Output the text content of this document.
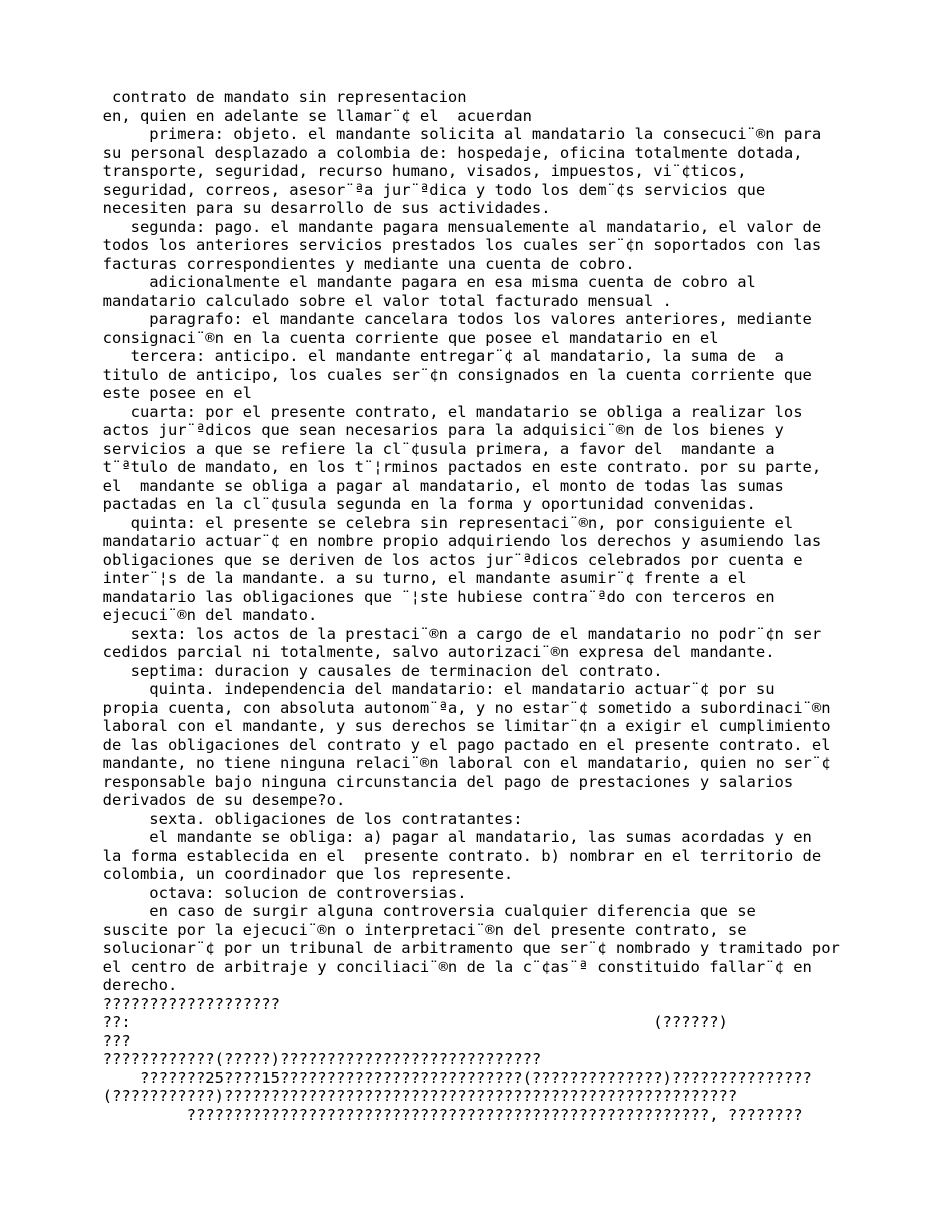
contrato de mandato sin representacion
en, quien en adelante se llamar¨¢ el  acuerdan
primera: objeto. el mandante solicita al mandatario la consecuci¨®n para
su personal desplazado a colombia de: hospedaje, oficina totalmente dotada,
transporte, seguridad, recurso humano, visados, impuestos, vi¨¢ticos,
seguridad, correos, asesor¨ªa jur¨ªdica y todo los dem¨¢s servicios que
necesiten para su desarrollo de sus actividades.
segunda: pago. el mandante pagara mensualemente al mandatario, el valor de
todos los anteriores servicios prestados los cuales ser¨¢n soportados con las
facturas correspondientes y mediante una cuenta de cobro.
adicionalmente el mandante pagara en esa misma cuenta de cobro al
mandatario calculado sobre el valor total facturado mensual .
paragrafo: el mandante cancelara todos los valores anteriores, mediante
consignaci¨®n en la cuenta corriente que posee el mandatario en el
tercera: anticipo. el mandante entregar¨¢ al mandatario, la suma de  a
titulo de anticipo, los cuales ser¨¢n consignados en la cuenta corriente que
este posee en el
cuarta: por el presente contrato, el mandatario se obliga a realizar los
actos jur¨ªdicos que sean necesarios para la adquisici¨®n de los bienes y
servicios a que se refiere la cl¨¢usula primera, a favor del  mandante a
t¨ªtulo de mandato, en los t¨¦rminos pactados en este contrato. por su parte,
el  mandante se obliga a pagar al mandatario, el monto de todas las sumas
pactadas en la cl¨¢usula segunda en la forma y oportunidad convenidas.
quinta: el presente se celebra sin representaci¨®n, por consiguiente el
mandatario actuar¨¢ en nombre propio adquiriendo los derechos y asumiendo las
obligaciones que se deriven de los actos jur¨ªdicos celebrados por cuenta e
inter¨¦s de la mandante. a su turno, el mandante asumir¨¢ frente a el
mandatario las obligaciones que ¨¦ste hubiese contra¨ªdo con terceros en
ejecuci¨®n del mandato.
sexta: los actos de la prestaci¨®n a cargo de el mandatario no podr¨¢n ser
cedidos parcial ni totalmente, salvo autorizaci¨®n expresa del mandante.
septima: duracion y causales de terminacion del contrato.
quinta. independencia del mandatario: el mandatario actuar¨¢ por su
propia cuenta, con absoluta autonom¨ªa, y no estar¨¢ sometido a subordinaci¨®n
laboral con el mandante, y sus derechos se limitar¨¢n a exigir el cumplimiento
de las obligaciones del contrato y el pago pactado en el presente contrato. el
mandante, no tiene ninguna relaci¨®n laboral con el mandatario, quien no ser¨¢
responsable bajo ninguna circunstancia del pago de prestaciones y salarios
derivados de su desempe?o.
sexta. obligaciones de los contratantes:
el mandante se obliga: a) pagar al mandatario, las sumas acordadas y en
la forma establecida en el  presente contrato. b) nombrar en el territorio de
colombia, un coordinador que los represente.
octava: solucion de controversias.
en caso de surgir alguna controversia cualquier diferencia que se
suscite por la ejecuci¨®n o interpretaci¨®n del presente contrato, se
solucionar¨¢ por un tribunal de arbitramento que ser¨¢ nombrado y tramitado por
el centro de arbitraje y conciliaci¨®n de la c¨¢as¨ª constituido fallar¨¢ en
derecho.
???????????????????
??:                                                        (??????)
???
????????????(?????)????????????????????????????
???????25????15??????????????????????????(??????????????)???????????????
(???????????)???????????????????????????????????????????????????????
????????????????????????????????????????????????????????, ????????
